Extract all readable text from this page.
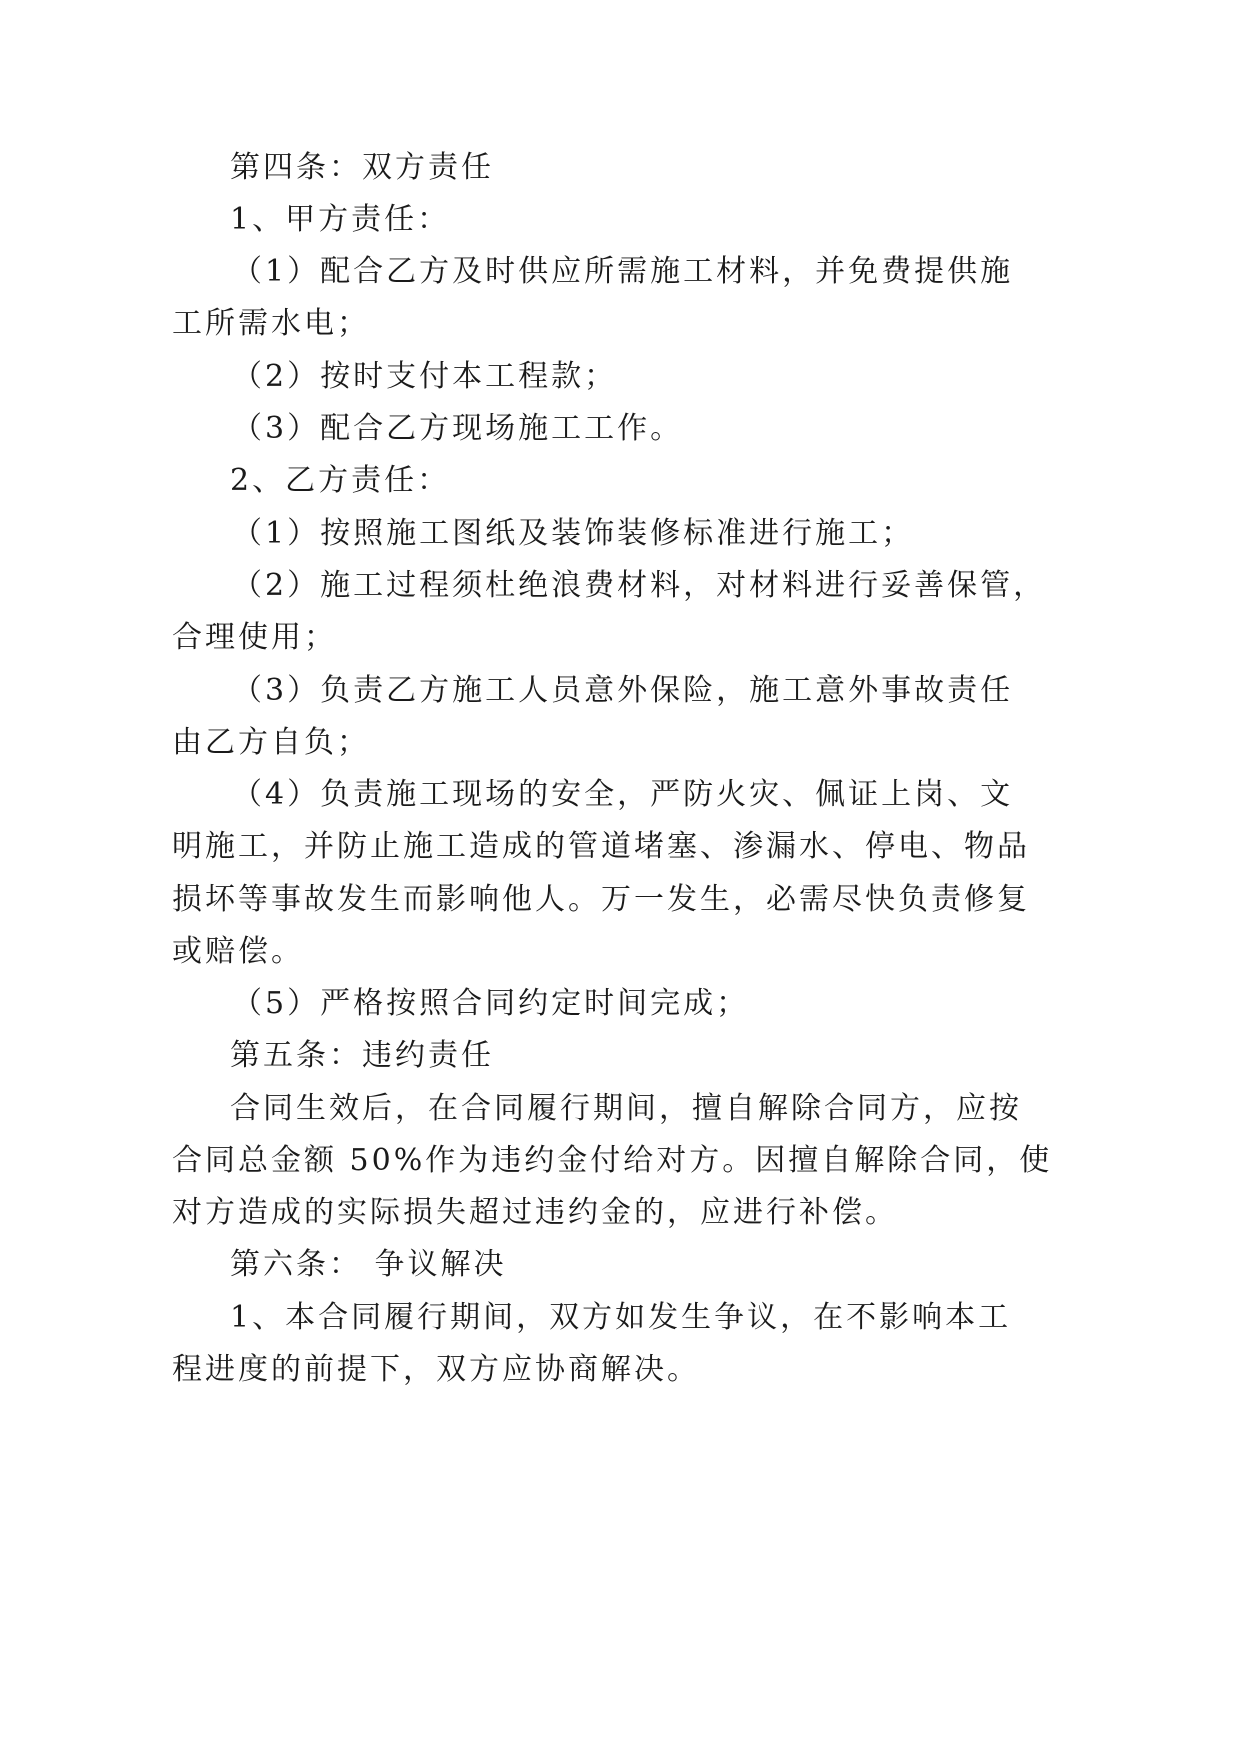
第四条：双方责任
1、甲方责任：
（1）配合乙方及时供应所需施工材料，并免费提供施
工所需水电；
（2）按时支付本工程款；
（3）配合乙方现场施工工作。
2、乙方责任：
（1）按照施工图纸及装饰装修标准进行施工；
（2）施工过程须杜绝浪费材料，对材料进行妥善保管，
合理使用；
（3）负责乙方施工人员意外保险，施工意外事故责任
由乙方自负；
（4）负责施工现场的安全，严防火灾、佩证上岗、文
明施工，并防止施工造成的管道堵塞、渗漏水、停电、物品
损坏等事故发生而影响他人。万一发生，必需尽快负责修复
或赔偿。
（5）严格按照合同约定时间完成；
第五条：违约责任
合同生效后，在合同履行期间，擅自解除合同方，应按
合同总金额 50%作为违约金付给对方。因擅自解除合同，使
对方造成的实际损失超过违约金的，应进行补偿。
第六条： 争议解决
1、本合同履行期间，双方如发生争议，在不影响本工
程进度的前提下，双方应协商解决。
